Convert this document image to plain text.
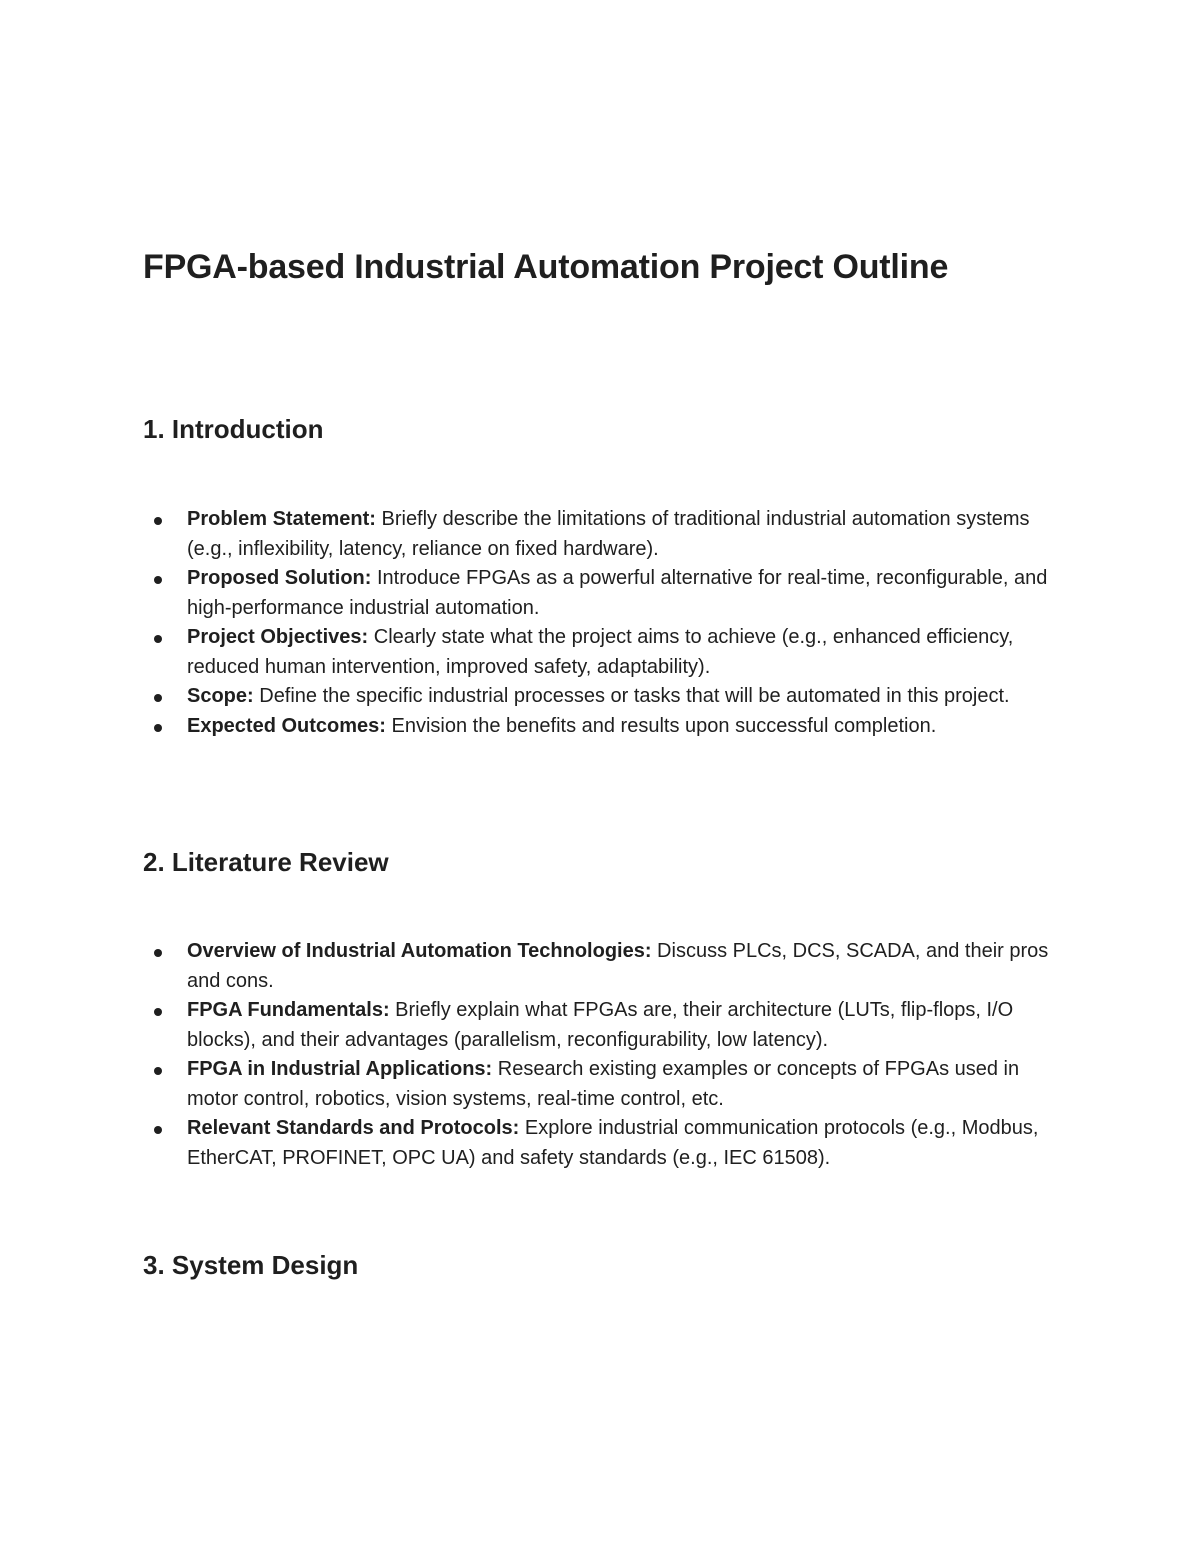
FPGA-based Industrial Automation Project Outline
1. Introduction
Problem Statement: Briefly describe the limitations of traditional industrial automation systems (e.g., inflexibility, latency, reliance on fixed hardware).
Proposed Solution: Introduce FPGAs as a powerful alternative for real-time, reconfigurable, and high-performance industrial automation.
Project Objectives: Clearly state what the project aims to achieve (e.g., enhanced efficiency, reduced human intervention, improved safety, adaptability).
Scope: Define the specific industrial processes or tasks that will be automated in this project.
Expected Outcomes: Envision the benefits and results upon successful completion.
2. Literature Review
Overview of Industrial Automation Technologies: Discuss PLCs, DCS, SCADA, and their pros and cons.
FPGA Fundamentals: Briefly explain what FPGAs are, their architecture (LUTs, flip-flops, I/O blocks), and their advantages (parallelism, reconfigurability, low latency).
FPGA in Industrial Applications: Research existing examples or concepts of FPGAs used in motor control, robotics, vision systems, real-time control, etc.
Relevant Standards and Protocols: Explore industrial communication protocols (e.g., Modbus, EtherCAT, PROFINET, OPC UA) and safety standards (e.g., IEC 61508).
3. System Design
